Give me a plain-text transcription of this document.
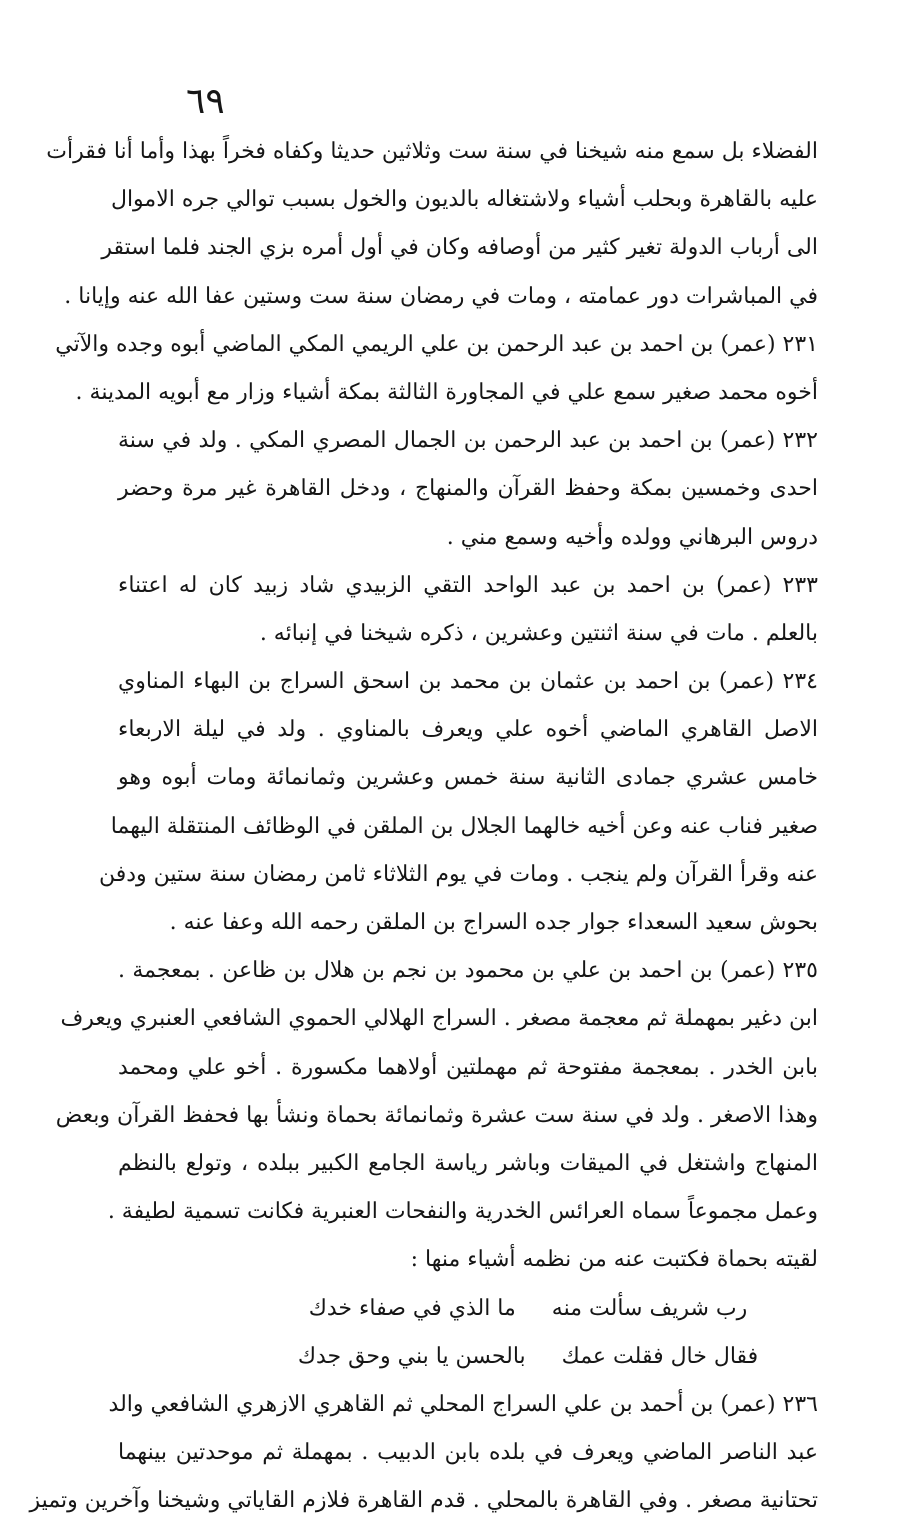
٦٩
الفضلاء بل سمع منه شيخنا في سنة ست وثلاثين حديثا وكفاه فخراً بهذا وأما أنا فقرأت
عليه بالقاهرة وبحلب أشياء ولاشتغاله بالديون والخول بسبب توالي جره الاموال
الى أرباب الدولة تغير كثير من أوصافه وكان في أول أمره بزي الجند فلما استقر
في المباشرات دور عمامته ، ومات في رمضان سنة ست وستين عفا الله عنه وإيانا .
٢٣١ (عمر) بن احمد بن عبد الرحمن بن علي الريمي المكي الماضي أبوه وجده والآتي
أخوه محمد صغير سمع علي في المجاورة الثالثة بمكة أشياء وزار مع أبويه المدينة .
٢٣٢ (عمر) بن احمد بن عبد الرحمن بن الجمال المصري المكي . ولد في سنة
احدى وخمسين بمكة وحفظ القرآن والمنهاج ، ودخل القاهرة غير مرة وحضر
دروس البرهاني وولده وأخيه وسمع مني .
٢٣٣ (عمر) بن احمد بن عبد الواحد التقي الزبيدي شاد زبيد كان له اعتناء
بالعلم . مات في سنة اثنتين وعشرين ، ذكره شيخنا في إنبائه .
٢٣٤ (عمر) بن احمد بن عثمان بن محمد بن اسحق السراج بن البهاء المناوي
الاصل القاهري الماضي أخوه علي ويعرف بالمناوي . ولد في ليلة الاربعاء
خامس عشري جمادى الثانية سنة خمس وعشرين وثمانمائة ومات أبوه وهو
صغير فناب عنه وعن أخيه خالهما الجلال بن الملقن في الوظائف المنتقلة اليهما
عنه وقرأ القرآن ولم ينجب . ومات في يوم الثلاثاء ثامن رمضان سنة ستين ودفن
بحوش سعيد السعداء جوار جده السراج بن الملقن رحمه الله وعفا عنه .
٢٣٥ (عمر) بن احمد بن علي بن محمود بن نجم بن هلال بن ظاعن . بمعجمة .
ابن دغير بمهملة ثم معجمة مصغر . السراج الهلالي الحموي الشافعي العنبري ويعرف
بابن الخدر . بمعجمة مفتوحة ثم مهملتين أولاهما مكسورة . أخو علي ومحمد
وهذا الاصغر . ولد في سنة ست عشرة وثمانمائة بحماة ونشأ بها فحفظ القرآن وبعض
المنهاج واشتغل في الميقات وباشر رياسة الجامع الكبير ببلده ، وتولع بالنظم
وعمل مجموعاً سماه العرائس الخدرية والنفحات العنبرية فكانت تسمية لطيفة .
لقيته بحماة فكتبت عنه من نظمه أشياء منها :
رب شريف سألت منه
ما الذي في صفاء خدك
فقال خال فقلت عمك
بالحسن يا بني وحق جدك
٢٣٦ (عمر) بن أحمد بن علي السراج المحلي ثم القاهري الازهري الشافعي والد
عبد الناصر الماضي ويعرف في بلده بابن الدبيب . بمهملة ثم موحدتين بينهما
تحتانية مصغر . وفي القاهرة بالمحلي . قدم القاهرة فلازم القاياتي وشيخنا وآخرين وتميز
